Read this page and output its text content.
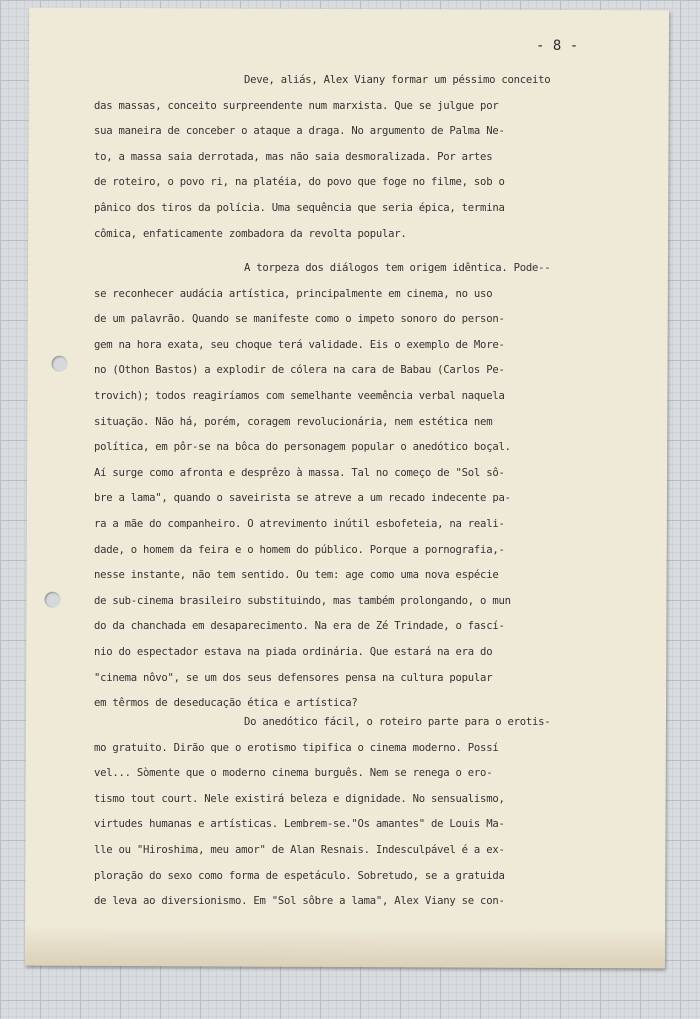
- 8 -
Deve, aliás, Alex Viany formar um péssimo conceito
das massas, conceito surpreendente num marxista. Que se julgue por
sua maneira de conceber o ataque a draga. No argumento de Palma Ne-
to, a massa saia derrotada, mas não saia desmoralizada. Por artes
de roteiro, o povo ri, na platéia, do povo que foge no filme, sob o
pânico dos tiros da polícia. Uma sequência que seria épica, termina
cômica, enfaticamente zombadora da revolta popular.
A torpeza dos diálogos tem origem idêntica. Pode--
se reconhecer audácia artística, principalmente em cinema, no uso
de um palavrão. Quando se manifeste como o impeto sonoro do person-
gem na hora exata, seu choque terá validade. Eis o exemplo de More-
no (Othon Bastos) a explodir de cólera na cara de Babau (Carlos Pe-
trovich); todos reagiríamos com semelhante veemência verbal naquela
situação. Não há, porém, coragem revolucionária, nem estética nem
política, em pôr-se na bôca do personagem popular o anedótico boçal.
Aí surge como afronta e desprêzo à massa. Tal no começo de "Sol sô-
bre a lama", quando o saveirista se atreve a um recado indecente pa-
ra a mãe do companheiro. O atrevimento inútil esbofeteia, na reali-
dade, o homem da feira e o homem do público. Porque a pornografia,-
nesse instante, não tem sentido. Ou tem: age como uma nova espécie
de sub-cinema brasileiro substituindo, mas também prolongando, o mun
do da chanchada em desaparecimento. Na era de Zé Trindade, o fascí-
nio do espectador estava na piada ordinária. Que estará na era do
"cinema nôvo", se um dos seus defensores pensa na cultura popular
em têrmos de deseducação ética e artística?
Do anedótico fácil, o roteiro parte para o erotis-
mo gratuito. Dirão que o erotismo tipifica o cinema moderno. Possí
vel... Sòmente que o moderno cinema burguês. Nem se renega o ero-
tismo tout court. Nele existirá beleza e dignidade. No sensualismo,
virtudes humanas e artísticas. Lembrem-se."Os amantes" de Louis Ma-
lle ou "Hiroshima, meu amor" de Alan Resnais. Indesculpável é a ex-
ploração do sexo como forma de espetáculo. Sobretudo, se a gratuida
de leva ao diversionismo. Em "Sol sôbre a lama", Alex Viany se con-
